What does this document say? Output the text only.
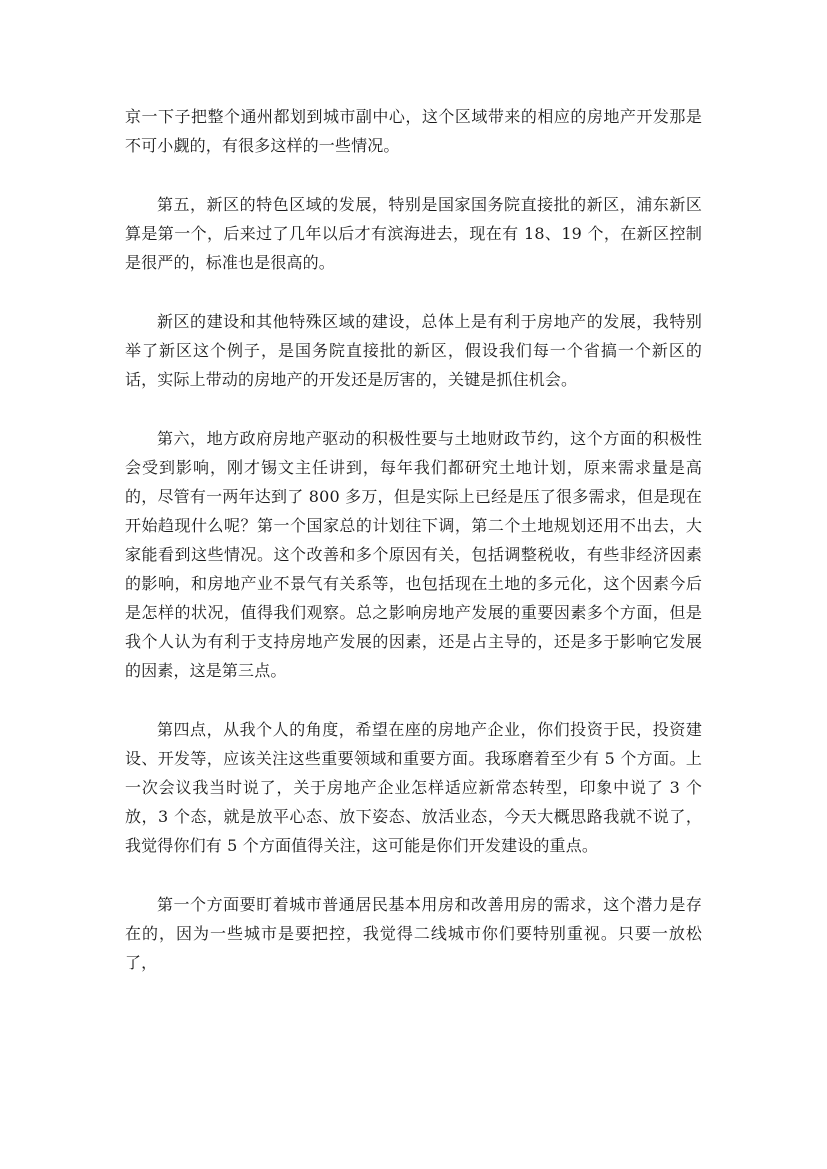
京一下子把整个通州都划到城市副中心，这个区域带来的相应的房地产开发那是不可小觑的，有很多这样的一些情况。

第五，新区的特色区域的发展，特别是国家国务院直接批的新区，浦东新区算是第一个，后来过了几年以后才有滨海进去，现在有 18、19 个，在新区控制是很严的，标准也是很高的。

新区的建设和其他特殊区域的建设，总体上是有利于房地产的发展，我特别举了新区这个例子，是国务院直接批的新区，假设我们每一个省搞一个新区的话，实际上带动的房地产的开发还是厉害的，关键是抓住机会。

第六，地方政府房地产驱动的积极性要与土地财政节约，这个方面的积极性会受到影响，刚才锡文主任讲到，每年我们都研究土地计划，原来需求量是高的，尽管有一两年达到了 800 多万，但是实际上已经是压了很多需求，但是现在开始趋现什么呢？第一个国家总的计划往下调，第二个土地规划还用不出去，大家能看到这些情况。这个改善和多个原因有关，包括调整税收，有些非经济因素的影响，和房地产业不景气有关系等，也包括现在土地的多元化，这个因素今后是怎样的状况，值得我们观察。总之影响房地产发展的重要因素多个方面，但是我个人认为有利于支持房地产发展的因素，还是占主导的，还是多于影响它发展的因素，这是第三点。

第四点，从我个人的角度，希望在座的房地产企业，你们投资于民，投资建设、开发等，应该关注这些重要领域和重要方面。我琢磨着至少有 5 个方面。上一次会议我当时说了，关于房地产企业怎样适应新常态转型，印象中说了 3 个放，3 个态，就是放平心态、放下姿态、放活业态，今天大概思路我就不说了，我觉得你们有 5 个方面值得关注，这可能是你们开发建设的重点。

第一个方面要盯着城市普通居民基本用房和改善用房的需求，这个潜力是存在的，因为一些城市是要把控，我觉得二线城市你们要特别重视。只要一放松了，
